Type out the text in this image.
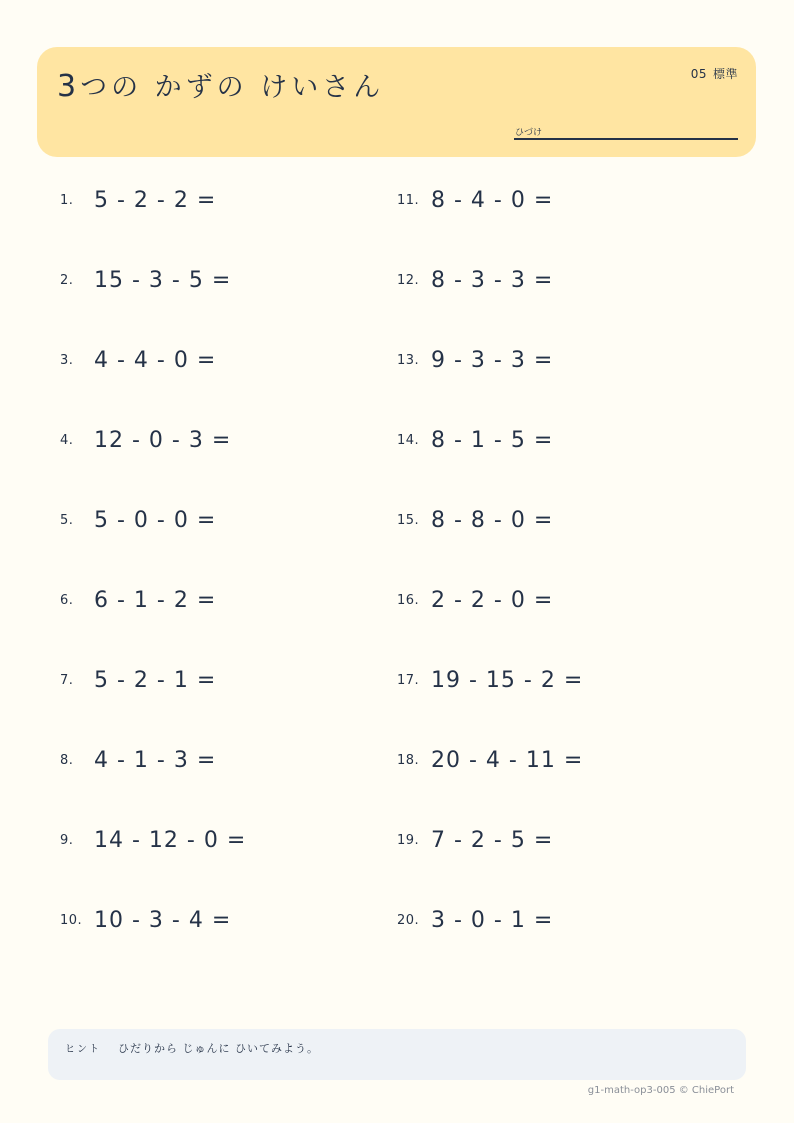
3つの かずの けいさん	05 標準
ひづけ
1. 5 - 2 - 2 =
2. 15 - 3 - 5 =
3. 4 - 4 - 0 =
4. 12 - 0 - 3 =
5. 5 - 0 - 0 =
6. 6 - 1 - 2 =
7. 5 - 2 - 1 =
8. 4 - 1 - 3 =
9. 14 - 12 - 0 =
10. 10 - 3 - 4 =
11. 8 - 4 - 0 =
12. 8 - 3 - 3 =
13. 9 - 3 - 3 =
14. 8 - 1 - 5 =
15. 8 - 8 - 0 =
16. 2 - 2 - 0 =
17. 19 - 15 - 2 =
18. 20 - 4 - 11 =
19. 7 - 2 - 5 =
20. 3 - 0 - 1 =
ヒント ひだりから じゅんに ひいてみよう。
g1-math-op3-005 © ChiePort
